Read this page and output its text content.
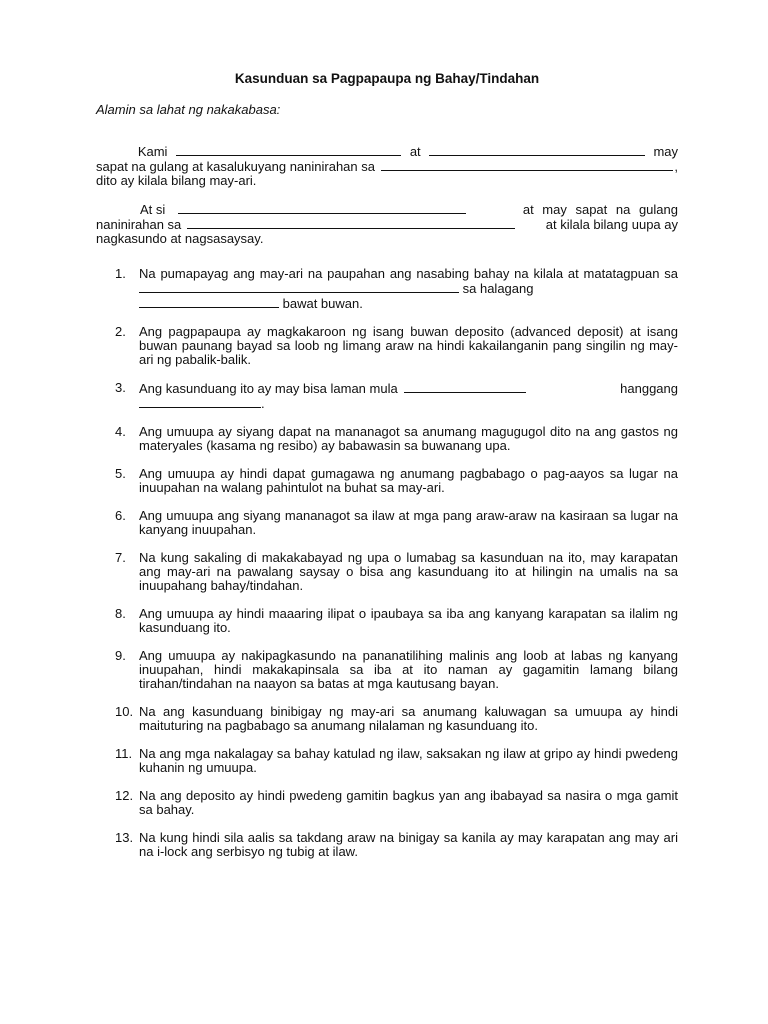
Kasunduan sa Pagpapaupa ng Bahay/Tindahan
Alamin sa lahat ng nakakabasa:
Kami	at	may
sapat na gulang at kasalukuyang naninirahan sa	,
dito ay kilala bilang may-ari.
At si	at may sapat na gulang
naninirahan sa	at kilala bilang uupa ay
nagkasundo at nagsasaysay.
1. Na pumapayag ang may-ari na paupahan ang nasabing bahay na kilala at matatagpuan sa  sa halagang
bawat buwan.
2. Ang pagpapaupa ay magkakaroon ng isang buwan deposito (advanced deposit) at isang buwan paunang bayad sa loob ng limang araw na hindi kakailanganin pang singilin ng may-ari ng pabalik-balik.
3. Ang kasunduang ito ay may bisa laman mula	hanggang
.
4. Ang umuupa ay siyang dapat na mananagot sa anumang magugugol dito na ang gastos ng materyales (kasama ng resibo) ay babawasin sa buwanang upa.
5. Ang umuupa ay hindi dapat gumagawa ng anumang pagbabago o pag-aayos sa lugar na inuupahan na walang pahintulot na buhat sa may-ari.
6. Ang umuupa ang siyang mananagot sa ilaw at mga pang araw-araw na kasiraan sa lugar na kanyang inuupahan.
7. Na kung sakaling di makakabayad ng upa o lumabag sa kasunduan na ito, may karapatan ang may-ari na pawalang saysay o bisa ang kasunduang ito at hilingin na umalis na sa inuupahang bahay/tindahan.
8. Ang umuupa ay hindi maaaring ilipat o ipaubaya sa iba ang kanyang karapatan sa ilalim ng kasunduang ito.
9. Ang umuupa ay nakipagkasundo na pananatilihing malinis ang loob at labas ng kanyang inuupahan, hindi makakapinsala sa iba at ito naman ay gagamitin lamang bilang tirahan/tindahan na naayon sa batas at mga kautusang bayan.
10. Na ang kasunduang binibigay ng may-ari sa anumang kaluwagan sa umuupa ay hindi maituturing na pagbabago sa anumang nilalaman ng kasunduang ito.
11. Na ang mga nakalagay sa bahay katulad ng ilaw, saksakan ng ilaw at gripo ay hindi pwedeng kuhanin ng umuupa.
12. Na ang deposito ay hindi pwedeng gamitin bagkus yan ang ibabayad sa nasira o mga gamit sa bahay.
13. Na kung hindi sila aalis sa takdang araw na binigay sa kanila ay may karapatan ang may ari na i-lock ang serbisyo ng tubig at ilaw.
